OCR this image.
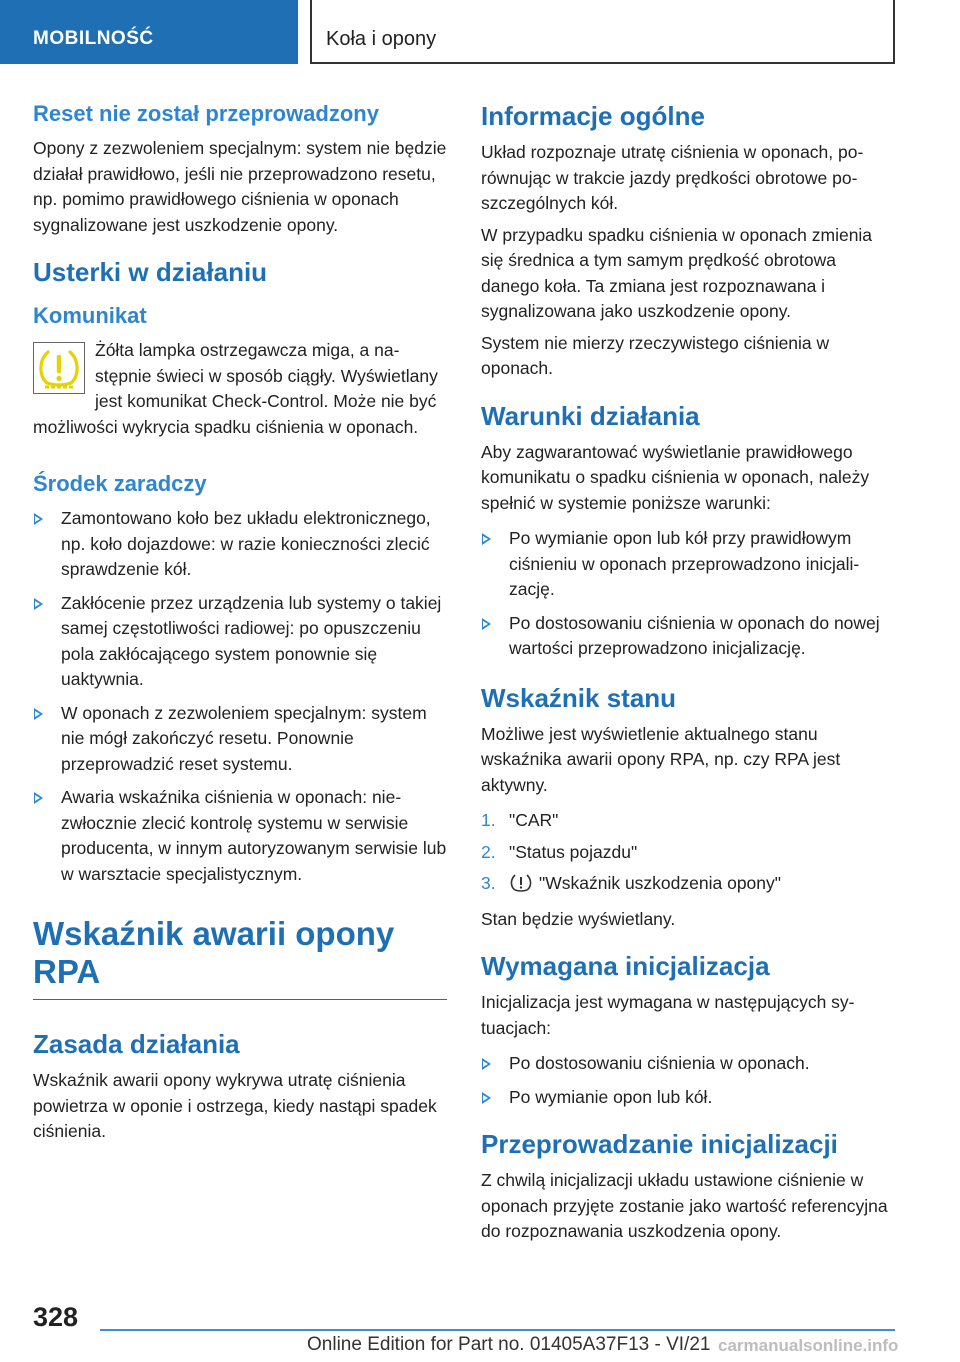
MOBILNOŚĆ	Koła i opony
Reset nie został przeprowadzony

Opony z zezwoleniem specjalnym: system nie będzie działał prawidłowo, jeśli nie przeprowadzono resetu, np. pomimo prawidłowego ciśnienia w oponach sygnalizowane jest uszkodzenie opony.

Usterki w działaniu
Komunikat

Żółta lampka ostrzegawcza miga, a następnie świeci w sposób ciągły. Wyświetlany jest komunikat Check-Control. Może nie być możliwości wykrycia spadku ciśnienia w oponach.

Środek zaradczy
Zamontowano koło bez układu elektronicznego, np. koło dojazdowe: w razie konieczności zlecić sprawdzenie kół.
Zakłócenie przez urządzenia lub systemy o takiej samej częstotliwości radiowej: po opuszczeniu pola zakłócającego system ponownie się uaktywnia.
W oponach z zezwoleniem specjalnym: system nie mógł zakończyć resetu. Ponownie przeprowadzić reset systemu.
Awaria wskaźnika ciśnienia w oponach: niezwłocznie zlecić kontrolę systemu w serwisie producenta, w innym autoryzowanym serwisie lub w warsztacie specjalistycznym.
Wskaźnik awarii opony RPA
Zasada działania

Wskaźnik awarii opony wykrywa utratę ciśnienia powietrza w oponie i ostrzega, kiedy nastąpi spadek ciśnienia.

Informacje ogólne

Układ rozpoznaje utratę ciśnienia w oponach, porównując w trakcie jazdy prędkości obrotowe poszczególnych kół.

W przypadku spadku ciśnienia w oponach zmienia się średnica a tym samym prędkość obrotowa danego koła. Ta zmiana jest rozpoznawana i sygnalizowana jako uszkodzenie opony.

System nie mierzy rzeczywistego ciśnienia w oponach.

Warunki działania

Aby zagwarantować wyświetlanie prawidłowego komunikatu o spadku ciśnienia w oponach, należy spełnić w systemie poniższe warunki:

Po wymianie opon lub kół przy prawidłowym ciśnieniu w oponach przeprowadzono inicjalizację.
Po dostosowaniu ciśnienia w oponach do nowej wartości przeprowadzono inicjalizację.
Wskaźnik stanu

Możliwe jest wyświetlenie aktualnego stanu wskaźnika awarii opony RPA, np. czy RPA jest aktywny.

1. "CAR"
2. "Status pojazdu"
3. "Wskaźnik uszkodzenia opony"

Stan będzie wyświetlany.

Wymagana inicjalizacja

Inicjalizacja jest wymagana w następujących sytuacjach:

Po dostosowaniu ciśnienia w oponach.
Po wymianie opon lub kół.
Przeprowadzanie inicjalizacji

Z chwilą inicjalizacji układu ustawione ciśnienie w oponach przyjęte zostanie jako wartość referencyjna do rozpoznawania uszkodzenia opony.

328
Online Edition for Part no. 01405A37F13 - VI/21 carmanualsonline.info
